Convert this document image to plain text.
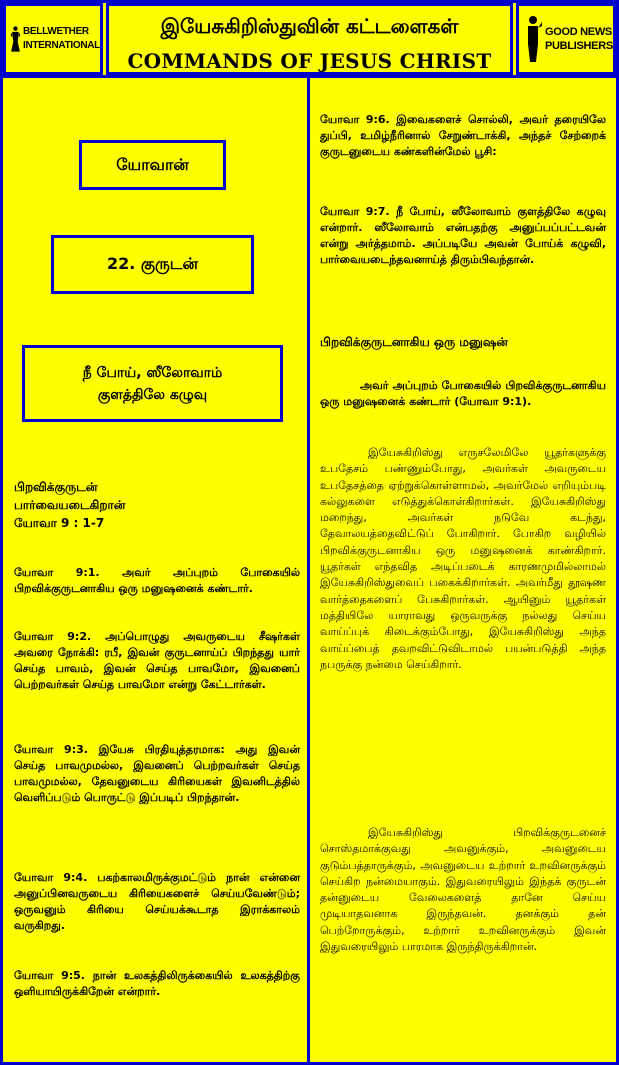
BELLWETHER
INTERNATIONAL
இயேசுகிறிஸ்துவின் கட்டளைகள்
COMMANDS OF JESUS CHRIST
GOOD NEWS
PUBLISHERS
யோவான்
22. குருடன்
நீ போய், ஸீலோவாம்
குளத்திலே கழுவு
பிறவிக்குருடன்
பார்வையடைகிறான்
யோவா 9 : 1-7

யோவா 9:1. அவர் அப்புறம் போகையில் பிறவிக்குருடனாகிய ஒரு மனுஷனைக் கண்டார்.

யோவா 9:2. அப்பொழுது அவருடைய சீஷர்கள் அவரை நோக்கி: ரபீ, இவன் குருடனாய்ப் பிறந்தது யார் செய்த பாவம், இவன் செய்த பாவமோ, இவனைப் பெற்றவர்கள் செய்த பாவமோ என்று கேட்டார்கள்.

யோவா 9:3. இயேசு பிரதியுத்தரமாக: அது இவன் செய்த பாவமுமல்ல, இவனைப் பெற்றவர்கள் செய்த பாவமுமல்ல, தேவனுடைய கிரியைகள் இவனிடத்தில் வெளிப்படும் பொருட்டு இப்படிப் பிறந்தான்.

யோவா 9:4. பகற்காலமிருக்குமட்டும் நான் என்னை அனுப்பினவருடைய கிரியைகளைச் செய்யவேண்டும்; ஒருவனும் கிரியை செய்யக்கூடாத இராக்காலம் வருகிறது.

யோவா 9:5. நான் உலகத்திலிருக்கையில் உலகத்திற்கு ஒளியாயிருக்கிறேன் என்றார்.

யோவா 9:6. இவைகளைச் சொல்லி, அவர் தரையிலே துப்பி, உமிழ்நீரினால் சேறுண்டாக்கி, அந்தச் சேற்றைக் குருடனுடைய கண்களின்மேல் பூசி:

யோவா 9:7. நீ போய், ஸீலோவாம் குளத்திலே கழுவு என்றார். ஸீலோவாம் என்பதற்கு அனுப்பப்பட்டவன் என்று அர்த்தமாம். அப்படியே அவன் போய்க் கழுவி, பார்வையடைந்தவனாய்த் திரும்பிவந்தான்.

பிறவிக்குருடனாகிய ஒரு மனுஷன்

அவர் அப்புறம் போகையில் பிறவிக்குருடனாகிய ஒரு மனுஷனைக் கண்டார் (யோவா 9:1).

இயேசுகிறிஸ்து எருசலேமிலே யூதர்களுக்கு உபதேசம் பண்ணும்போது, அவர்கள் அவருடைய உபதேசத்தை ஏற்றுக்கொள்ளாமல், அவர்மேல் எறியும்படி கல்லுகளை எடுத்துக்கொள்கிறார்கள். இயேசுகிறிஸ்து மறைந்து, அவர்கள் நடுவே கடந்து, தேவாலயத்தைவிட்டுப் போகிறார். போகிற வழியில் பிறவிக்குருடனாகிய ஒரு மனுஷனைக் காண்கிறார். யூதர்கள் எந்தவித அடிப்படைக் காரணமுமில்லாமல் இயேசுகிறிஸ்துவைப் பகைக்கிறார்கள். அவர்மீது தூஷண வார்த்தைகளைப் பேசுகிறார்கள். ஆயினும் யூதர்கள் மத்தியிலே யாராவது ஒருவருக்கு நல்லது செய்ய வாய்ப்புக் கிடைக்கும்போது, இயேசுகிறிஸ்து அந்த வாய்ப்பைத் தவறவிட்டுவிடாமல் பயன்படுத்தி அந்த நபருக்கு நன்மை செய்கிறார்.

இயேசுகிறிஸ்து பிறவிக்குருடனைச் சொஸ்தமாக்குவது அவனுக்கும், அவனுடைய குடும்பத்தாருக்கும், அவனுடைய உற்றார் உறவினருக்கும் செய்கிற நன்மையாகும். இதுவரையிலும் இந்தக் குருடன் தன்னுடைய வேலைகளைத் தானே செய்ய முடியாதவனாக இருந்தவன். தனக்கும் தன் பெற்றோருக்கும், உற்றார் உறவினருக்கும் இவன் இதுவரையிலும் பாரமாக இருந்திருக்கிறான்.
